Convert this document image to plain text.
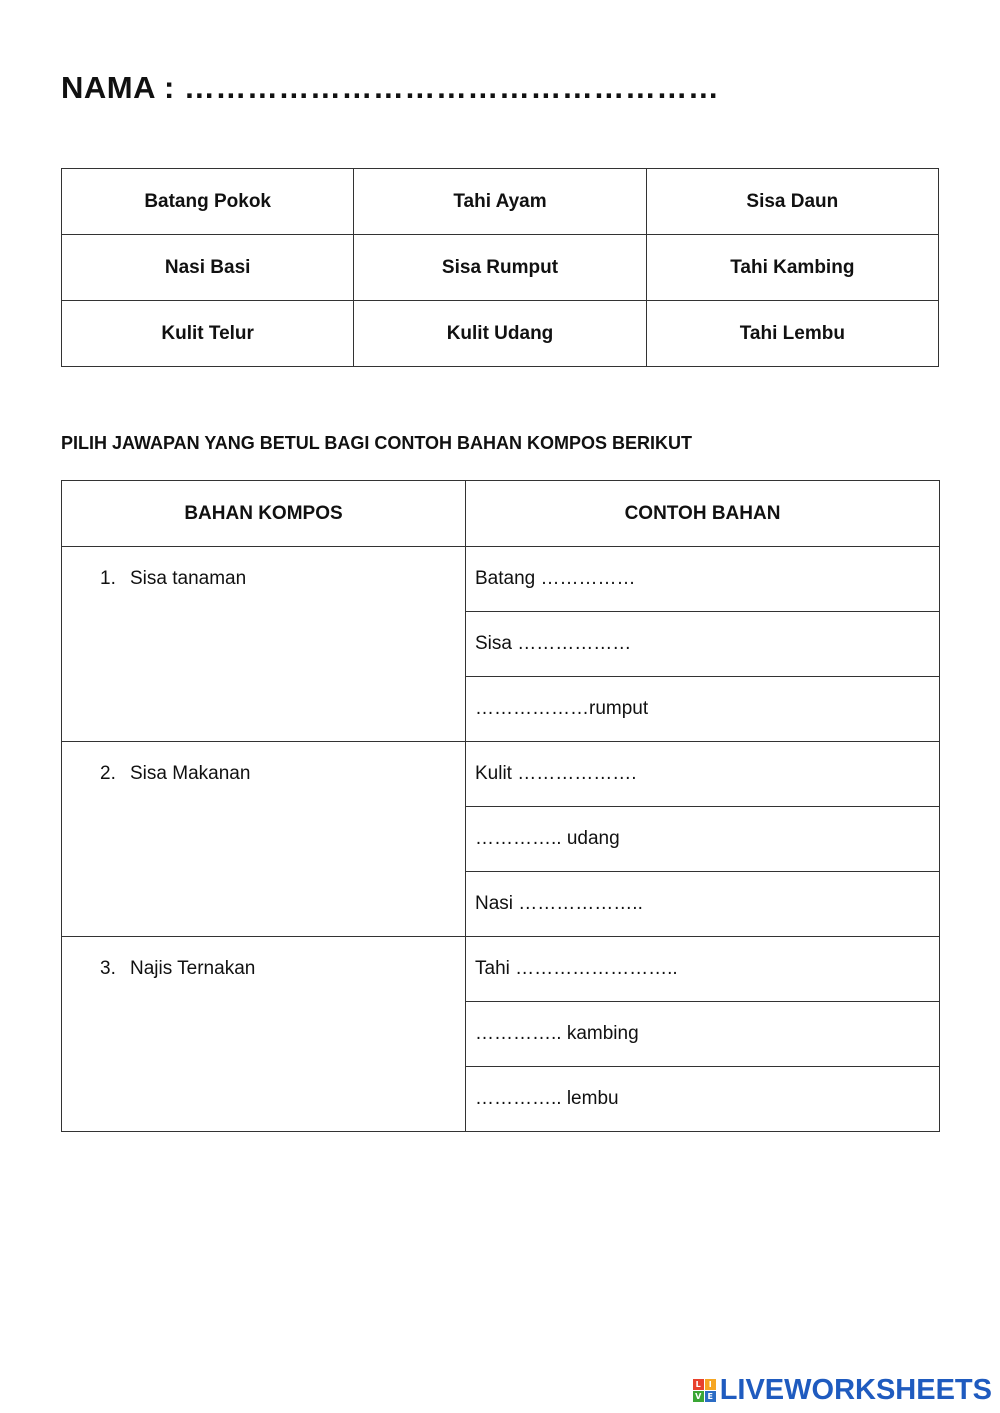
NAMA : ……………………………………………
Batang Pokok	Tahi Ayam	Sisa Daun
Nasi Basi	Sisa Rumput	Tahi Kambing
Kulit Telur	Kulit Udang	Tahi Lembu
PILIH JAWAPAN YANG BETUL BAGI CONTOH BAHAN KOMPOS BERIKUT
BAHAN KOMPOS	CONTOH BAHAN
1. Sisa tanaman	Batang ……………
	Sisa ………………
	………………rumput
2. Sisa Makanan	Kulit ……………….
	………….. udang
	Nasi ………………..
3. Najis Ternakan	Tahi ……………………..
	………….. kambing
	………….. lembu
L I
V E LIVEWORKSHEETS
